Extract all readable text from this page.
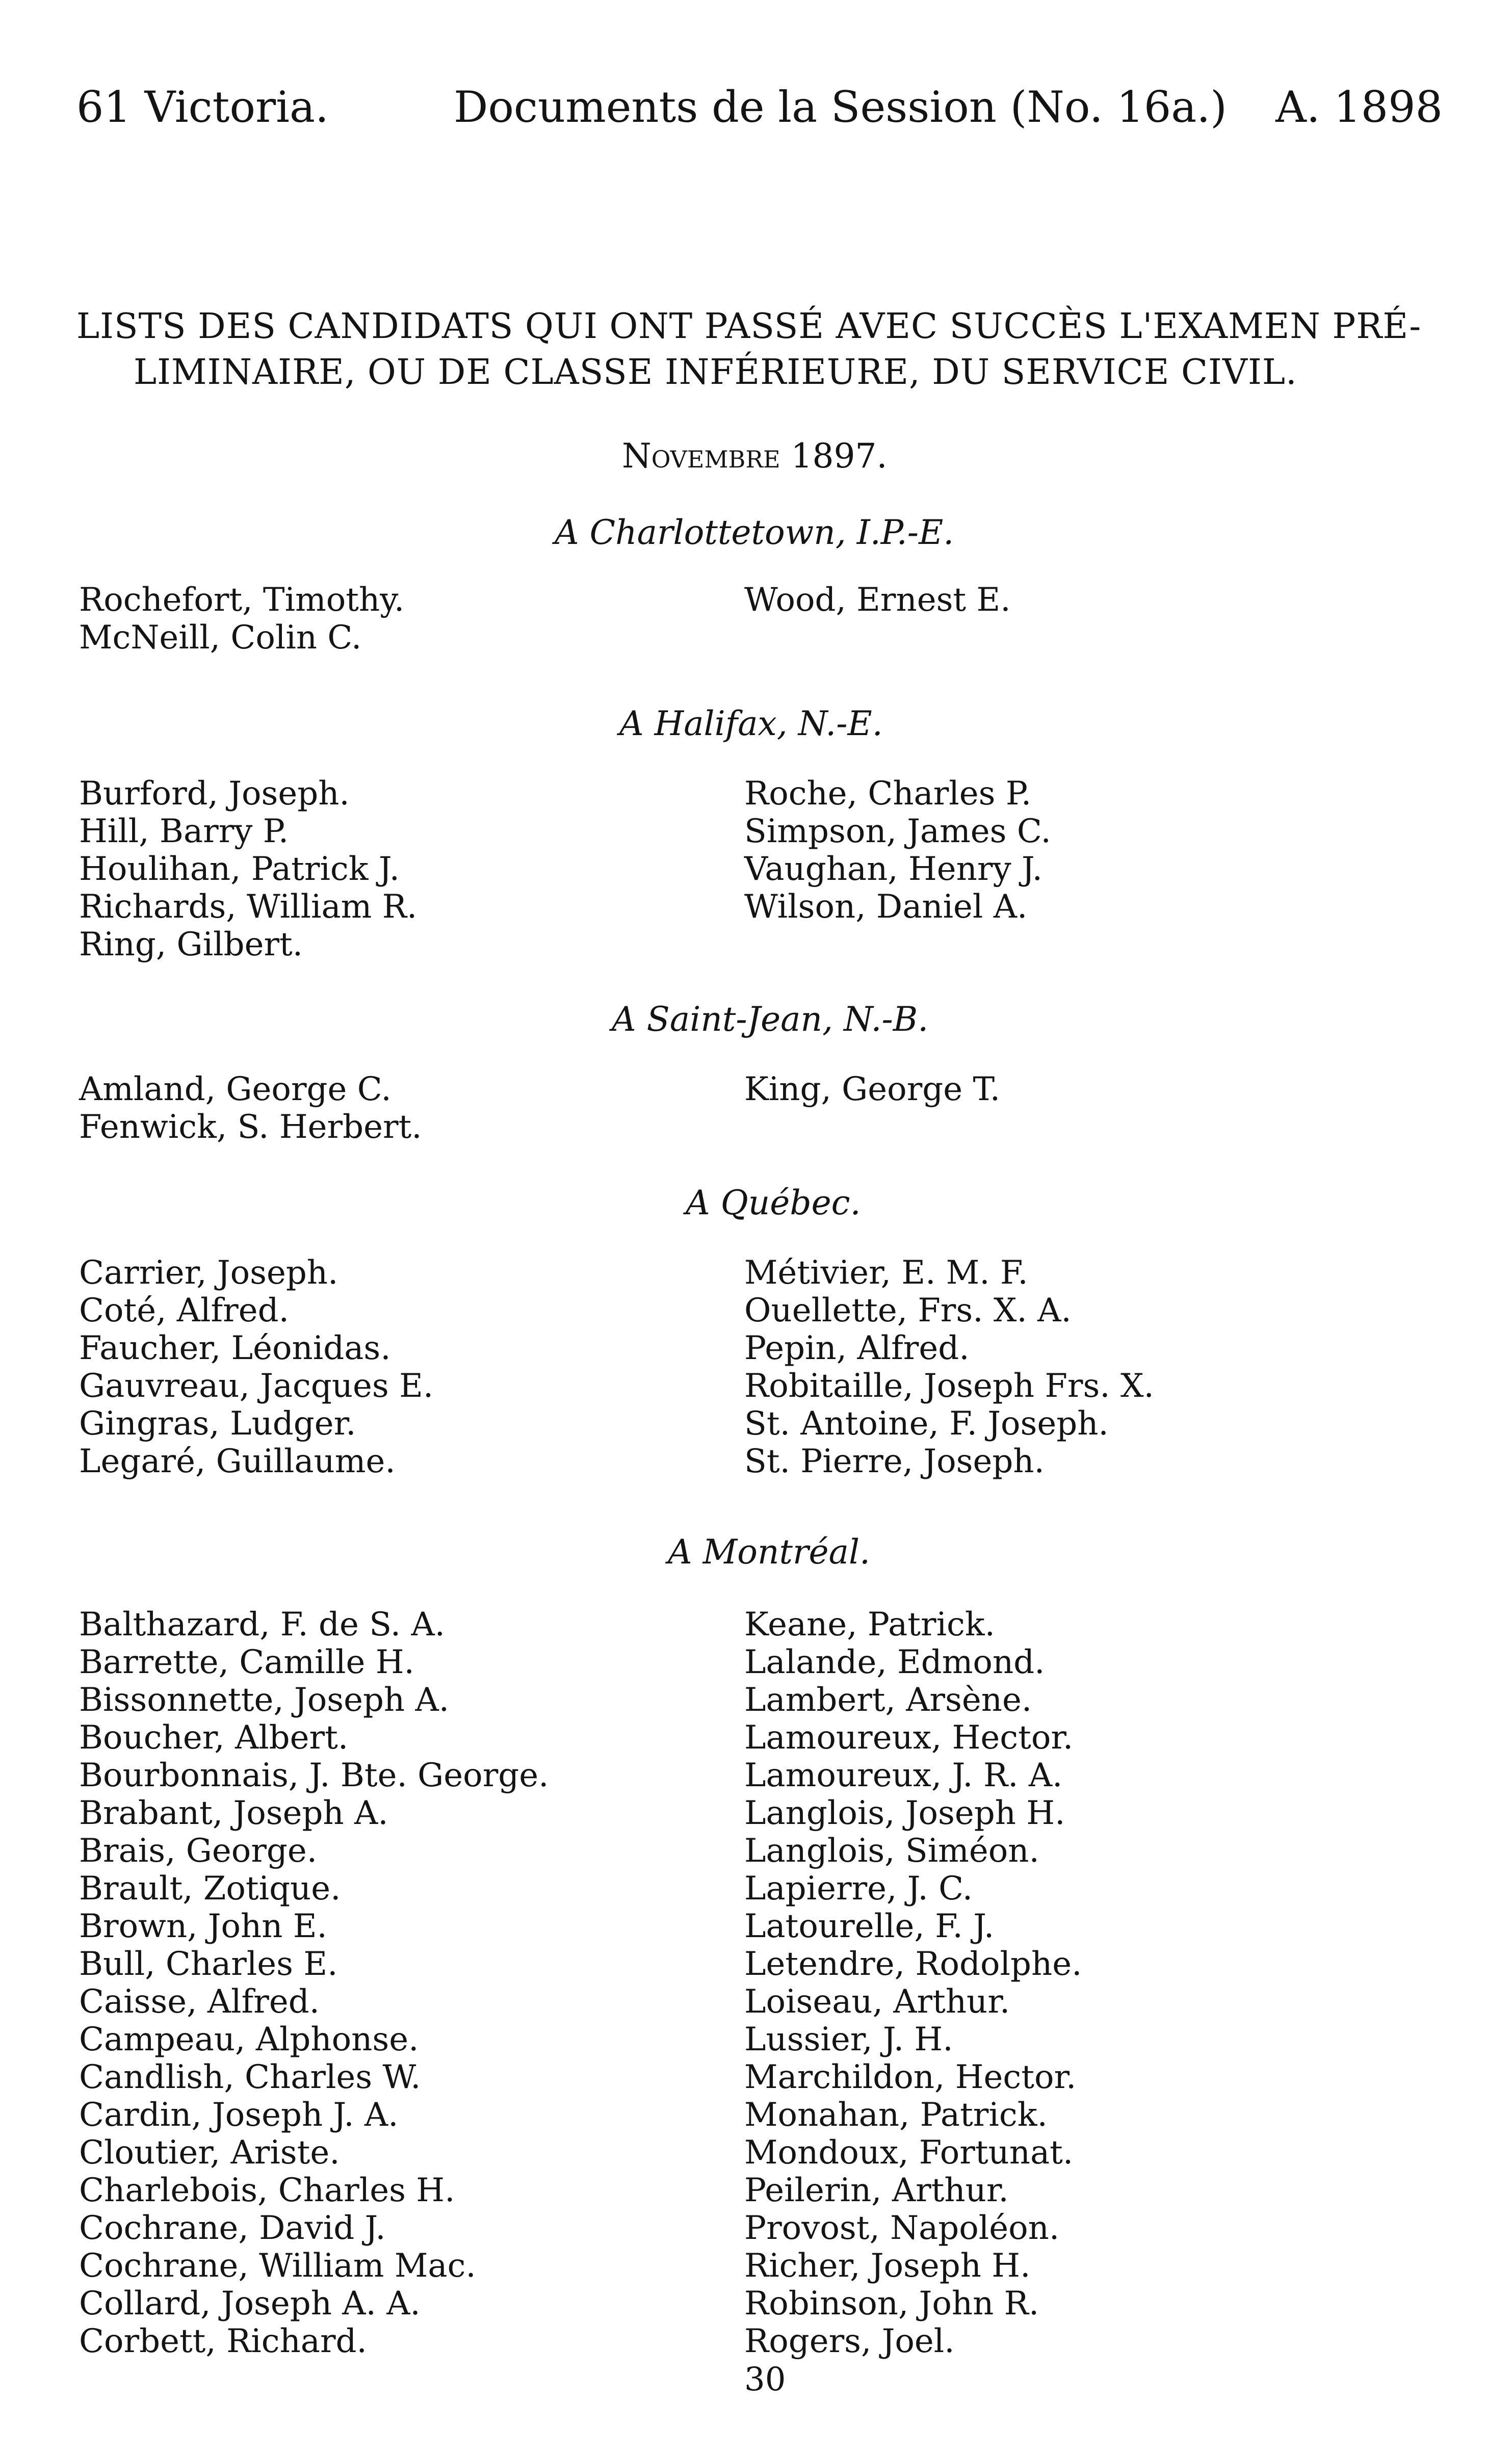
61 Victoria.	Documents de la Session (No. 16a.) A. 1898
LISTS DES CANDIDATS QUI ONT PASSÉ AVEC SUCCÈS L'EXAMEN PRÉ-
LIMINAIRE, OU DE CLASSE INFÉRIEURE, DU SERVICE CIVIL.
Novembre 1897.
A Charlottetown, I.P.-E.
Rochefort, Timothy.
McNeill, Colin C.
Wood, Ernest E.
A Halifax, N.-E.
Burford, Joseph.
Hill, Barry P.
Houlihan, Patrick J.
Richards, William R.
Ring, Gilbert.
Roche, Charles P.
Simpson, James C.
Vaughan, Henry J.
Wilson, Daniel A.
A Saint-Jean, N.-B.
Amland, George C.
Fenwick, S. Herbert.
King, George T.
A Québec.
Carrier, Joseph.
Coté, Alfred.
Faucher, Léonidas.
Gauvreau, Jacques E.
Gingras, Ludger.
Legaré, Guillaume.
Métivier, E. M. F.
Ouellette, Frs. X. A.
Pepin, Alfred.
Robitaille, Joseph Frs. X.
St. Antoine, F. Joseph.
St. Pierre, Joseph.
A Montréal.
Balthazard, F. de S. A.
Barrette, Camille H.
Bissonnette, Joseph A.
Boucher, Albert.
Bourbonnais, J. Bte. George.
Brabant, Joseph A.
Brais, George.
Brault, Zotique.
Brown, John E.
Bull, Charles E.
Caisse, Alfred.
Campeau, Alphonse.
Candlish, Charles W.
Cardin, Joseph J. A.
Cloutier, Ariste.
Charlebois, Charles H.
Cochrane, David J.
Cochrane, William Mac.
Collard, Joseph A. A.
Corbett, Richard.
Keane, Patrick.
Lalande, Edmond.
Lambert, Arsène.
Lamoureux, Hector.
Lamoureux, J. R. A.
Langlois, Joseph H.
Langlois, Siméon.
Lapierre, J. C.
Latourelle, F. J.
Letendre, Rodolphe.
Loiseau, Arthur.
Lussier, J. H.
Marchildon, Hector.
Monahan, Patrick.
Mondoux, Fortunat.
Peilerin, Arthur.
Provost, Napoléon.
Richer, Joseph H.
Robinson, John R.
Rogers, Joel.
30
